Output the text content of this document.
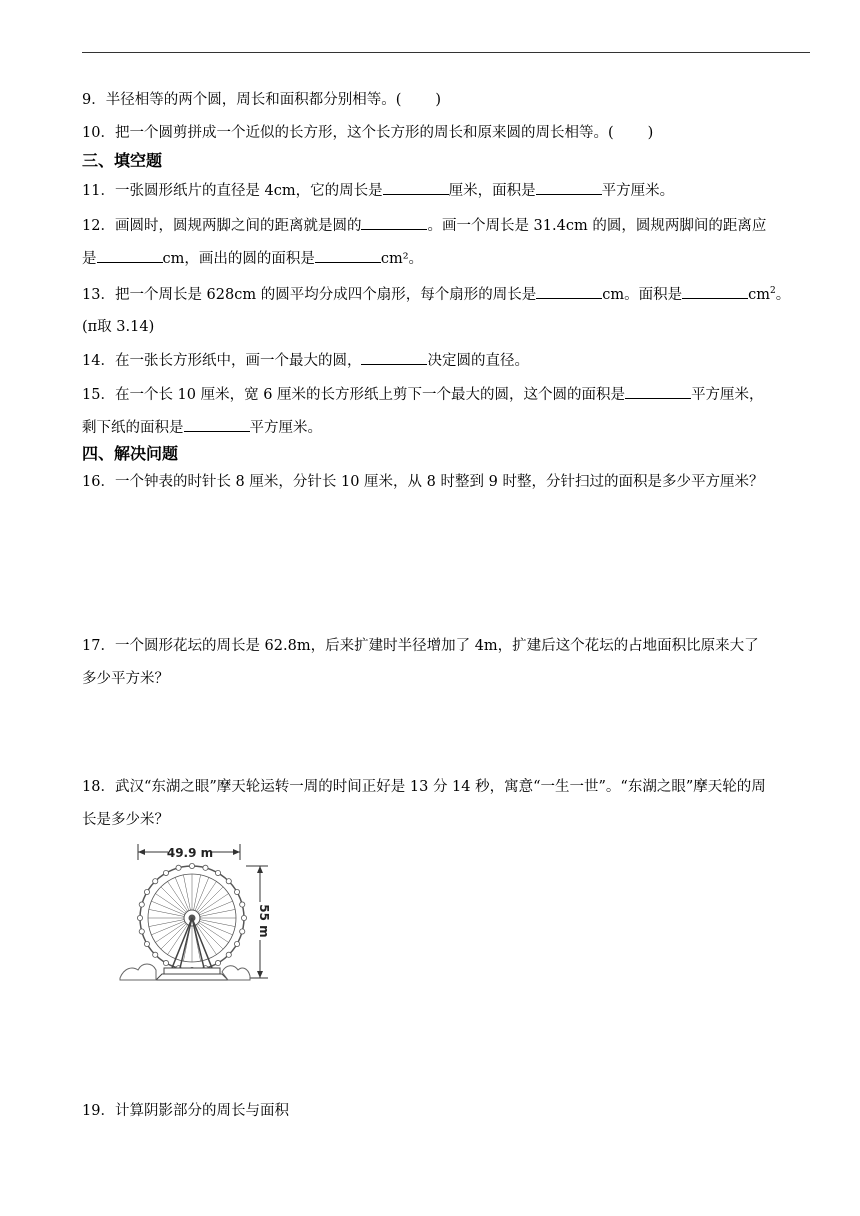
9．半径相等的两个圆，周长和面积都分别相等。( )
10．把一个圆剪拼成一个近似的长方形，这个长方形的周长和原来圆的周长相等。( )
三、填空题
11．一张圆形纸片的直径是 4cm，它的周长是	厘米，面积是	平方厘米。
12．画圆时，圆规两脚之间的距离就是圆的	。画一个周长是 31.4cm 的圆，圆规两脚间的距离应
是	cm，画出的圆的面积是	cm²。
13．把一个周长是 628cm 的圆平均分成四个扇形，每个扇形的周长是	cm。面积是	$cm^2$。
(π取 3.14)
14．在一张长方形纸中，画一个最大的圆，	决定圆的直径。
15．在一个长 10 厘米，宽 6 厘米的长方形纸上剪下一个最大的圆，这个圆的面积是	平方厘米，
剩下纸的面积是	平方厘米。
四、解决问题
16．一个钟表的时针长 8 厘米，分针长 10 厘米，从 8 时整到 9 时整，分针扫过的面积是多少平方厘米？
17．一个圆形花坛的周长是 62.8m，后来扩建时半径增加了 4m，扩建后这个花坛的占地面积比原来大了
多少平方米？
18．武汉“东湖之眼”摩天轮运转一周的时间正好是 13 分 14 秒，寓意“一生一世”。“东湖之眼”摩天轮的周
长是多少米？
49.9 m
55 m
19．计算阴影部分的周长与面积
